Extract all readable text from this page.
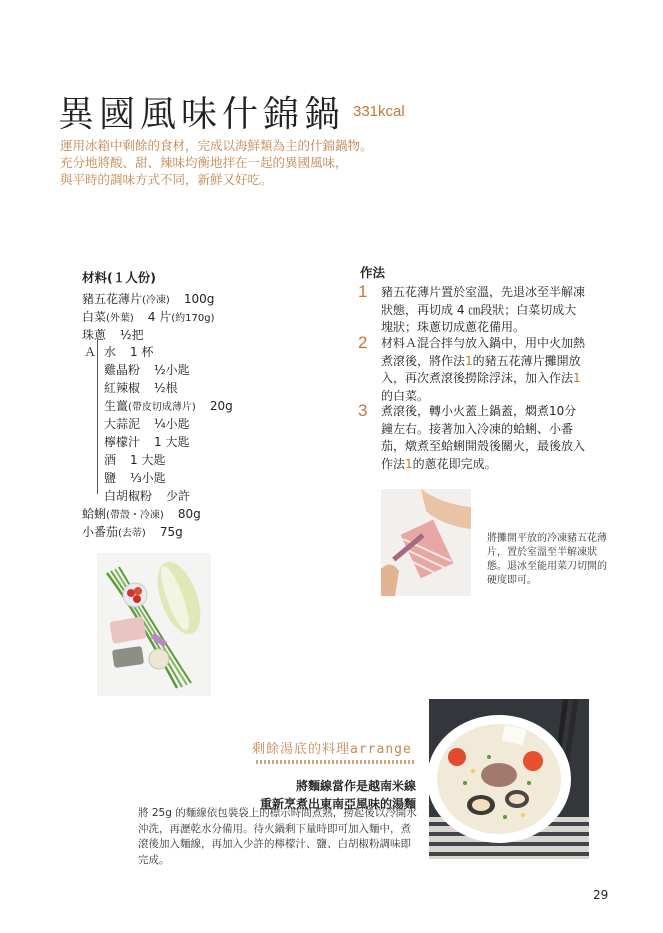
異國風味什錦鍋 331kcal
運用冰箱中剩餘的食材，完成以海鮮類為主的什錦鍋物。
充分地將酸、甜、辣味均衡地拌在一起的異國風味，
與平時的調味方式不同，新鮮又好吃。
材料(１人份)
豬五花薄片(冷凍) 100g
白菜(外葉) 4 片(約170g)
珠蔥 ½把
Ａ 水 1 杯
雞晶粉 ½小匙
紅辣椒 ½根
生薑(帶皮切成薄片) 20g
大蒜泥 ¼小匙
檸檬汁 1 大匙
酒 1 大匙
鹽 ⅓小匙
白胡椒粉 少許
蛤蜊(帶殼・冷凍) 80g
小番茄(去蒂) 75g
作法
1 豬五花薄片置於室溫，先退冰至半解凍狀態，再切成 4 ㎝段狀；白菜切成大塊狀；珠蔥切成蔥花備用。
2 材料Ａ混合拌勻放入鍋中，用中火加熱煮滾後，將作法1的豬五花薄片攤開放入，再次煮滾後撈除浮沫，加入作法1的白菜。
3 煮滾後，轉小火蓋上鍋蓋，燜煮10分鐘左右。接著加入冷凍的蛤蜊、小番茄，燉煮至蛤蜊開殼後關火，最後放入作法1的蔥花即完成。
將攤開平放的冷凍豬五花薄片，置於室溫至半解凍狀態。退冰至能用菜刀切開的硬度即可。
剩餘湯底的料理arrange
將麵線當作是越南米線
重新烹煮出東南亞風味的湯麵
將 25g 的麵線依包裝袋上的標示時間煮熟，撈起後以冷開水沖洗，再瀝乾水分備用。待火鍋剩下量時即可加入麵中，煮滾後加入麵線，再加入少許的檸檬汁、鹽、白胡椒粉調味即完成。
29
